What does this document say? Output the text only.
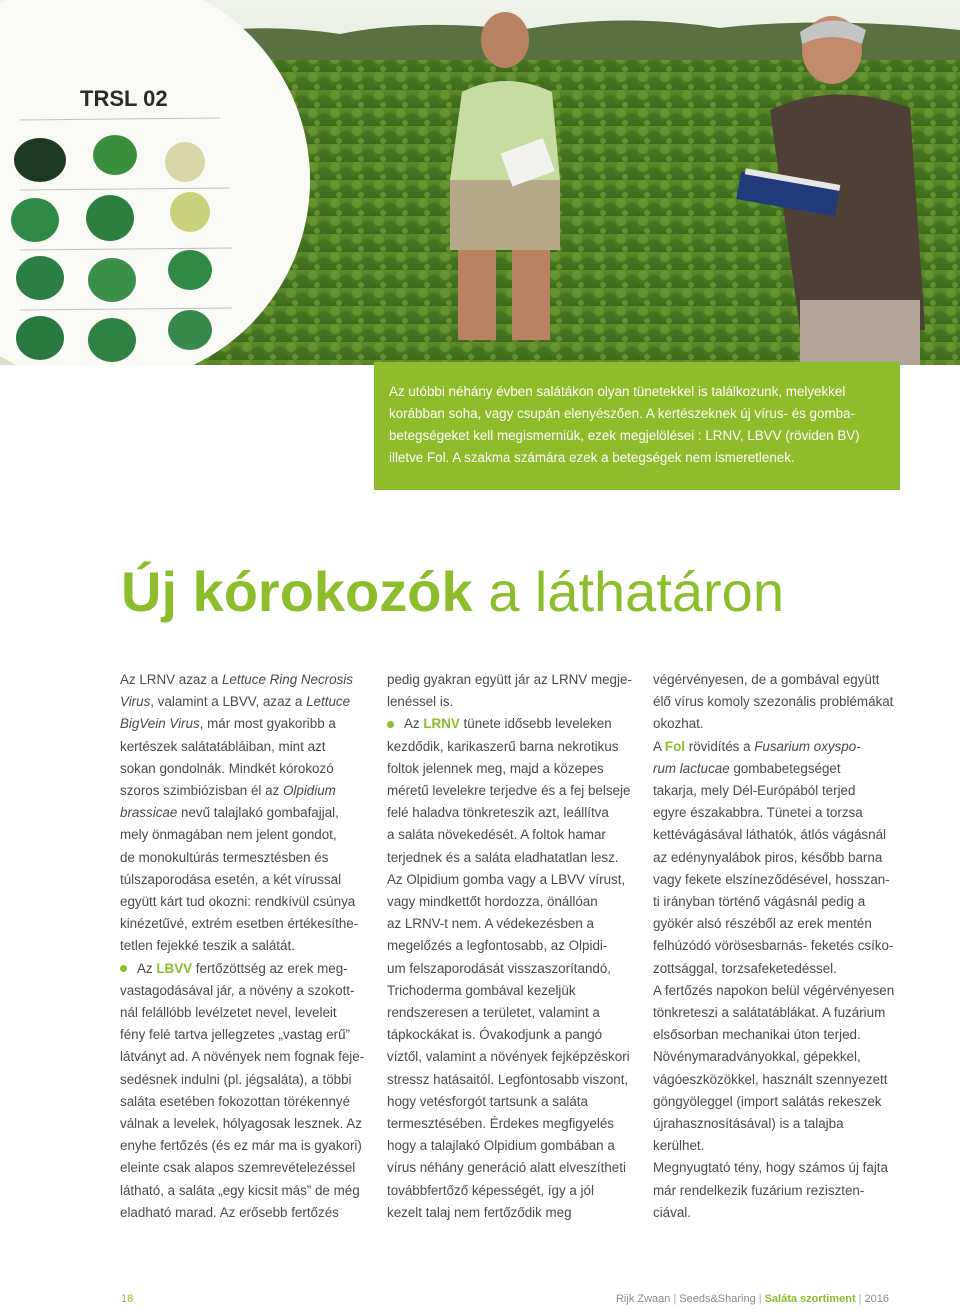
TRSL 02
Az utóbbi néhány évben salátákon olyan tünetekkel is találkozunk, melyekkel
korábban soha, vagy csupán elenyészően. A kertészeknek új vírus- és gomba-
betegségeket kell megismerniük, ezek megjelölései : LRNV, LBVV (röviden BV)
illetve Fol. A szakma számára ezek a betegségek nem ismeretlenek.
Új kórokozók a láthatáron

Az LRNV azaz a Lettuce Ring Necrosis
Virus, valamint a LBVV, azaz a Lettuce
BigVein Virus, már most gyakoribb a
kertészek salátatábláiban, mint azt
sokan gondolnák. Mindkét kórokozó
szoros szimbiózisban él az Olpidium
brassicae nevű talajlakó gombafajjal,
mely önmagában nem jelent gondot,
de monokultúrás termesztésben és
túlszaporodása esetén, a két vírussal
együtt kárt tud okozni: rendkívül csúnya
kinézetűvé, extrém esetben értékesíthe-
tetlen fejekké teszik a salátát.

Az LBVV fertőzöttség az erek meg-
vastagodásával jár, a növény a szokott-
nál felállóbb levélzetet nevel, leveleit
fény felé tartva jellegzetes „vastag erű”
látványt ad. A növények nem fognak feje-
sedésnek indulni (pl. jégsaláta), a többi
saláta esetében fokozottan törékennyé
válnak a levelek, hólyagosak lesznek. Az
enyhe fertőzés (és ez már ma is gyakori)
eleinte csak alapos szemrevételezéssel
látható, a saláta „egy kicsit más” de még
eladható marad. Az erősebb fertőzés

pedig gyakran együtt jár az LRNV megje-
lenéssel is.
Az LRNV tünete idősebb leveleken
kezdődik, karikaszerű barna nekrotikus
foltok jelennek meg, majd a közepes
méretű levelekre terjedve és a fej belseje
felé haladva tönkreteszik azt, leállítva
a saláta növekedését. A foltok hamar
terjednek és a saláta eladhatatlan lesz.
Az Olpidium gomba vagy a LBVV vírust,
vagy mindkettőt hordozza, önállóan
az LRNV-t nem. A védekezésben a
megelőzés a legfontosabb, az Olpidi-
um felszaporodását visszaszorítandó,
Trichoderma gombával kezeljük
rendszeresen a területet, valamint a
tápkockákat is. Óvakodjunk a pangó
víztől, valamint a növények fejképzéskori
stressz hatásaitól. Legfontosabb viszont,
hogy vetésforgót tartsunk a saláta
termesztésében. Érdekes megfigyelés
hogy a talajlakó Olpidium gombában a
vírus néhány generáció alatt elveszítheti
továbbfertőző képességét, így a jól
kezelt talaj nem fertőződik meg
végérvényesen, de a gombával együtt
élő vírus komoly szezonális problémákat
okozhat.
A Fol rövidítés a Fusarium oxyspo-
rum lactucae gombabetegséget
takarja, mely Dél-Európából terjed
egyre északabbra. Tünetei a torzsa
kettévágásával láthatók, átlós vágásnál
az edénynyalábok piros, később barna
vagy fekete elszíneződésével, hosszan-
ti irányban történő vágásnál pedig a
gyökér alsó részéből az erek mentén
felhúzódó vörösesbarnás- feketés csíko-
zottsággal, torzsafeketedéssel.
A fertőzés napokon belül végérvényesen
tönkreteszi a salátatáblákat. A fuzárium
elsősorban mechanikai úton terjed.
Növénymaradványokkal, gépekkel,
vágóeszközökkel, használt szennyezett
göngyöleggel (import salátás rekeszek
újrahasznosításával) is a talajba
kerülhet.
Megnyugtató tény, hogy számos új fajta
már rendelkezik fuzárium reziszten-
ciával.
18	Rijk Zwaan | Seeds&Sharing | Saláta szortiment | 2016
